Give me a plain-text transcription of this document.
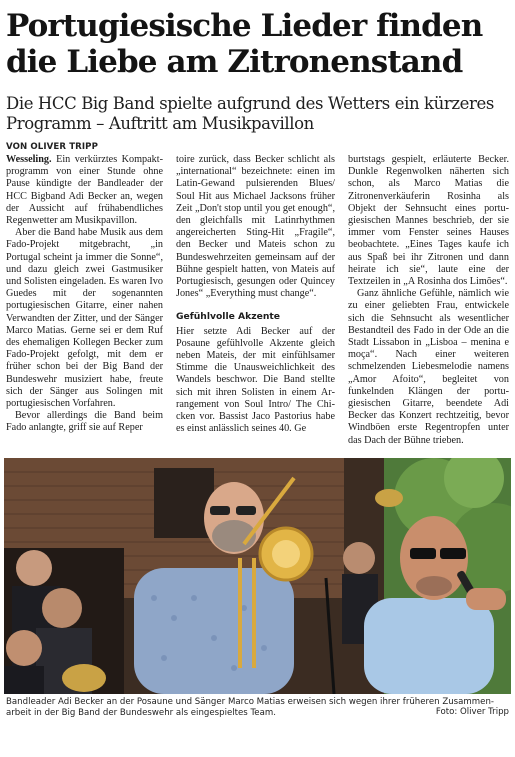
Portugiesische Lieder finden die Liebe am Zitronenstand
Die HCC Big Band spielte aufgrund des Wetters ein kürzeres Programm – Auftritt am Musikpavillon
VON OLIVER TRIPP

Wesseling. Ein verkürztes Kompaktprogramm von einer Stunde ohne Pause kündigte der Bandleader der HCC Bigband Adi Becker an, wegen der Aussicht auf frühabendliches Regenwetter am Musikpavillon.

Aber die Band habe Musik aus dem Fado-Projekt mitgebracht, „in Portugal scheint ja immer die Sonne“, und dazu gleich zwei Gastmusiker und Solisten eingeladen. Es waren Ivo Guedes mit der sogenannten portugiesischen Gitarre, einer nahen Verwandten der Zitter, und der Sänger Marco Matias. Gerne sei er dem Ruf des ehemaligen Kollegen Becker zum Fado-Projekt gefolgt, mit dem er früher schon bei der Big Band der Bundeswehr musiziert habe, freute sich der Sänger aus Solingen mit portugiesischen Vorfahren.

Bevor allerdings die Band beim Fado anlangte, griff sie auf Reper

toire zurück, dass Becker schlicht als „international“ bezeichnete: einen im Latin-Gewand pulsierenden Blues/ Soul Hit aus Michael Jacksons früher Zeit „Don't stop until you get enough“, den gleichfalls mit Latinrhythmen angereicherten Sting-Hit „Fragile“, den Becker und Mateis schon zu Bundeswehrzeiten gemeinsam auf der Bühne gespielt hatten, von Mateis auf Portugiesisch, gesungen oder Quincey Jones“ „Everything must change“.

Gefühlvolle Akzente

Hier setzte Adi Becker auf der Posaune gefühlvolle Akzente gleich neben Mateis, der mit einfühlsamer Stimme die Unausweichlichkeit des Wandels beschwor. Die Band stellte sich mit ihren Solisten in einem Arrangement von Soul Intro/ The Chicken vor. Bassist Jaco Pastorius habe es einst anlässlich seines 40. Ge

burtstags gespielt, erläuterte Becker. Dunkle Regenwolken näherten sich schon, als Marco Matias die Zitronenverkäuferin Rosinha als Objekt der Sehnsucht eines portugiesischen Mannes beschrieb, der sie immer vom Fenster seines Hauses beobachtete. „Eines Tages kaufe ich aus Spaß bei ihr Zitronen und dann heirate ich sie“, laute eine der Textzeilen in „A Rosinha dos Limões“.

Ganz ähnliche Gefühle, nämlich wie zu einer geliebten Frau, entwickele sich die Sehnsucht als wesentlicher Bestandteil des Fado in der Ode an die Stadt Lissabon in „Lisboa – menina e moça“. Nach einer weiteren schmelzenden Liebesmelodie namens „Amor Afoito“, begleitet von funkelnden Klängen der portugiesischen Gitarre, beendete Adi Becker das Konzert rechtzeitig, bevor Windböen erste Regentropfen unter das Dach der Bühne trieben.

Bandleader Adi Becker an der Posaune und Sänger Marco Matias erweisen sich wegen ihrer früheren Zusammenarbeit in der Big Band der Bundeswehr als eingespieltes Team.	Foto: Oliver Tripp
